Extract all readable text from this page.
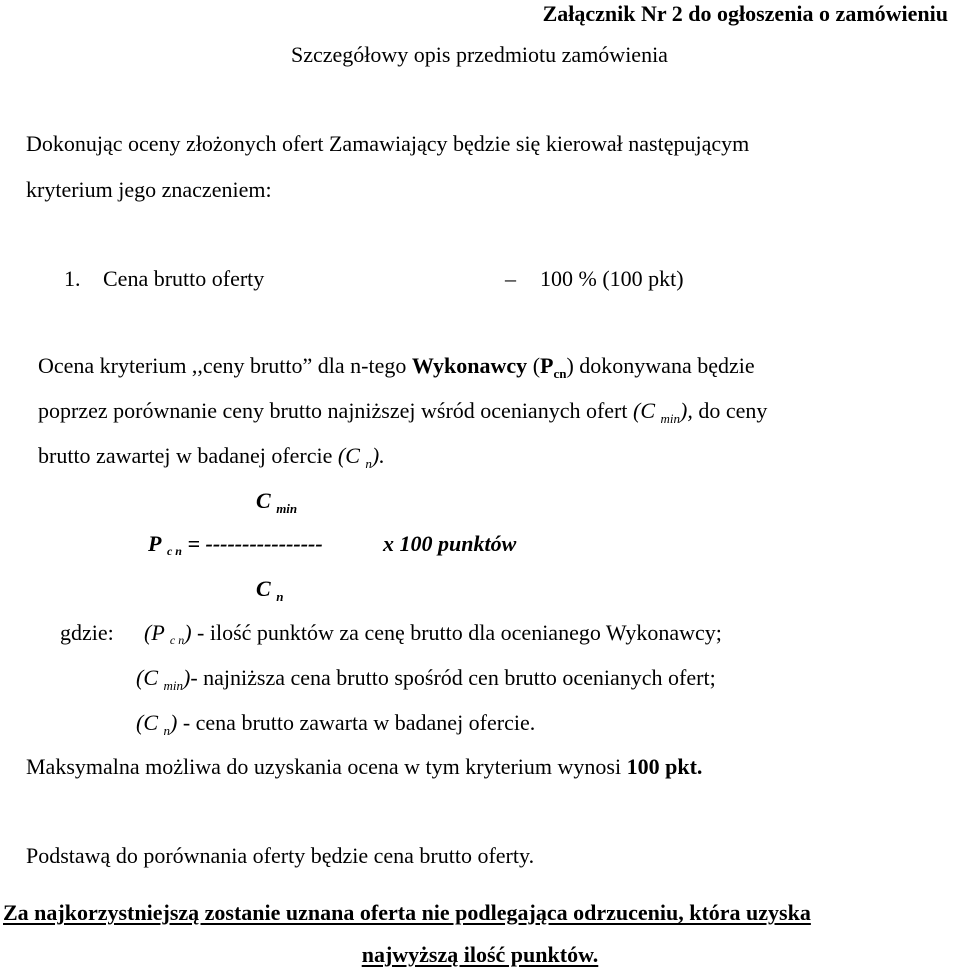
Załącznik Nr 2 do ogłoszenia o zamówieniu
Szczegółowy opis przedmiotu zamówienia
Dokonując oceny złożonych ofert Zamawiający będzie się kierował następującym
kryterium jego znaczeniem:
1. Cena brutto oferty	– 100 % (100 pkt)
Ocena kryterium ,,ceny brutto” dla n-tego Wykonawcy $(P_{cn})$ dokonywana będzie
poprzez porównanie ceny brutto najniższej wśród ocenianych ofert (C $_{min}$), do ceny
brutto zawartej w badanej ofercie (C $_n$).
C $_{min}$
P c n = ----------------	x 100 punktów
C $_n$
gdzie: (P c n) - ilość punktów za cenę brutto dla ocenianego Wykonawcy;
(C $_{min}$)- najniższa cena brutto spośród cen brutto ocenianych ofert;
(C $_n$) - cena brutto zawarta w badanej ofercie.
Maksymalna możliwa do uzyskania ocena w tym kryterium wynosi 100 pkt.
Podstawą do porównania oferty będzie cena brutto oferty.
Za najkorzystniejszą zostanie uznana oferta nie podlegająca odrzuceniu, która uzyska
najwyższą ilość punktów.
